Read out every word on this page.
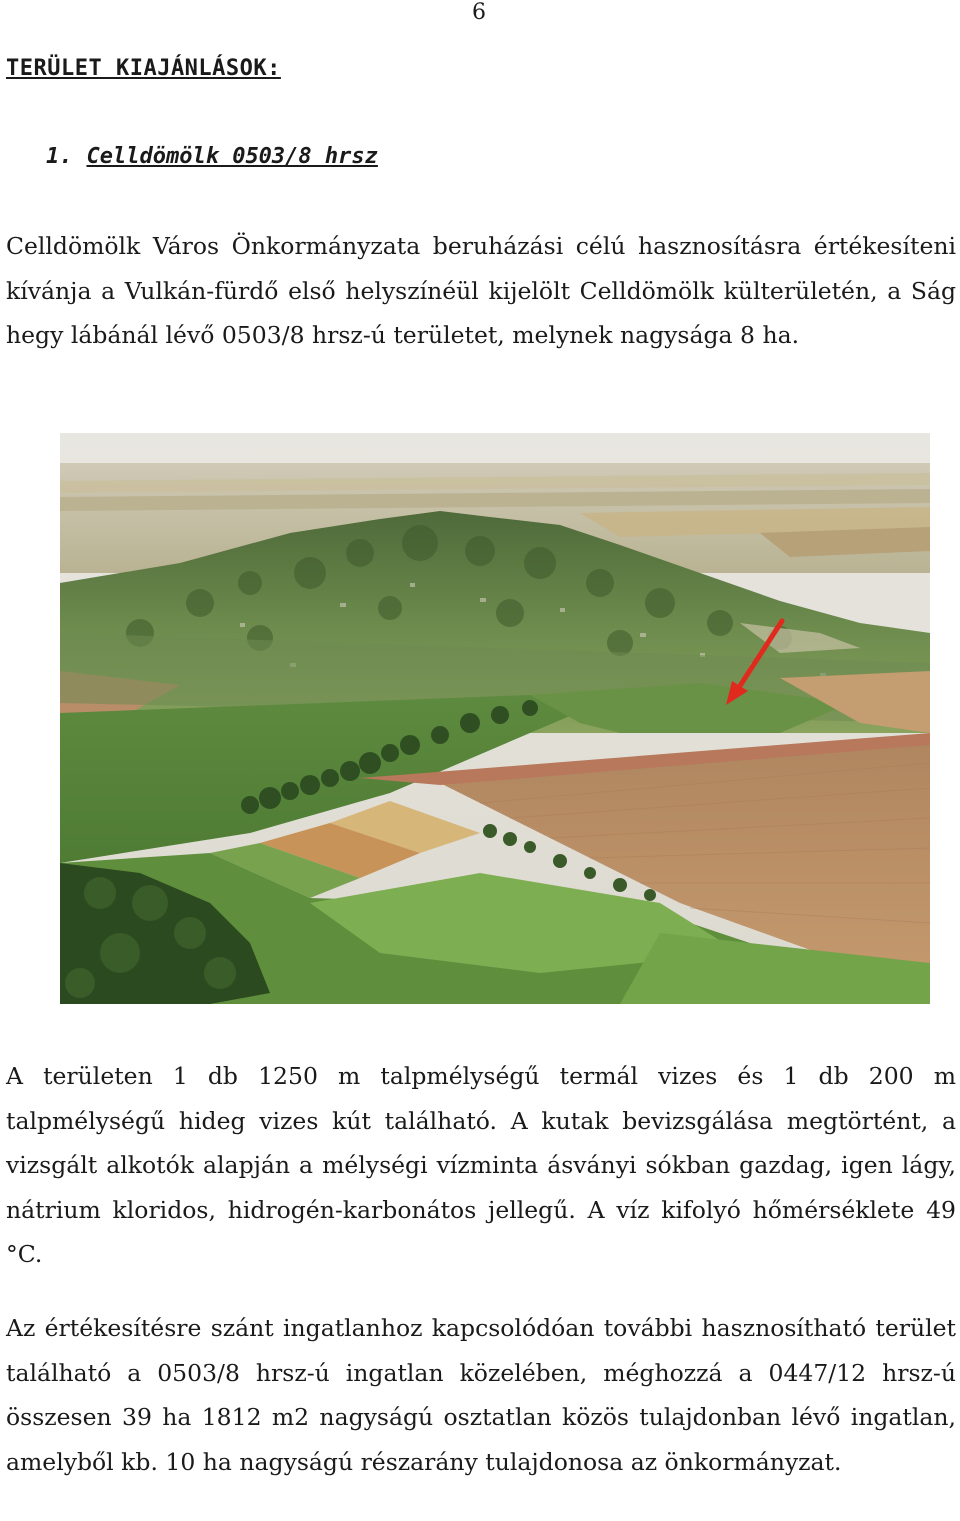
6
TERÜLET KIAJÁNLÁSOK:
1. Celldömölk 0503/8 hrsz

Celldömölk Város Önkormányzata beruházási célú hasznosításra értékesíteni kívánja a Vulkán-fürdő első helyszínéül kijelölt Celldömölk külterületén, a Ság hegy lábánál lévő 0503/8 hrsz-ú területet, melynek nagysága 8 ha.

A területen 1 db 1250 m talpmélységű termál vizes és 1 db 200 m talpmélységű hideg vizes kút található. A kutak bevizsgálása megtörtént, a vizsgált alkotók alapján a mélységi vízminta ásványi sókban gazdag, igen lágy, nátrium kloridos, hidrogén-karbonátos jellegű. A víz kifolyó hőmérséklete 49 °C.

Az értékesítésre szánt ingatlanhoz kapcsolódóan további hasznosítható terület található a 0503/8 hrsz-ú ingatlan közelében, méghozzá a 0447/12 hrsz-ú összesen 39 ha 1812 m2 nagyságú osztatlan közös tulajdonban lévő ingatlan, amelyből kb. 10 ha nagyságú részarány tulajdonosa az önkormányzat.
